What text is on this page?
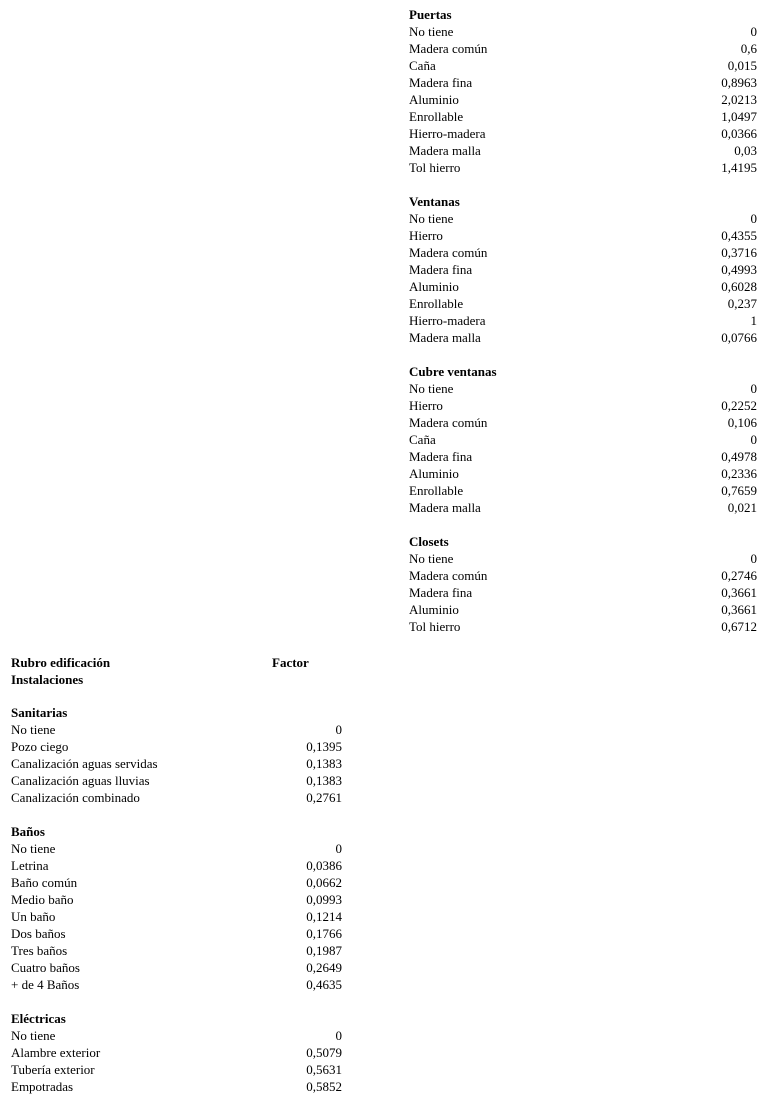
Puertas
No tiene	0
Madera común	0,6
Caña	0,015
Madera fina	0,8963
Aluminio	2,0213
Enrollable	1,0497
Hierro-madera	0,0366
Madera malla	0,03
Tol hierro	1,4195
Ventanas
No tiene	0
Hierro	0,4355
Madera común	0,3716
Madera fina	0,4993
Aluminio	0,6028
Enrollable	0,237
Hierro-madera	1
Madera malla	0,0766
Cubre ventanas
No tiene	0
Hierro	0,2252
Madera común	0,106
Caña	0
Madera fina	0,4978
Aluminio	0,2336
Enrollable	0,7659
Madera malla	0,021
Closets
No tiene	0
Madera común	0,2746
Madera fina	0,3661
Aluminio	0,3661
Tol hierro	0,6712
Rubro edificación	Factor
Instalaciones
Sanitarias
No tiene	0
Pozo ciego	0,1395
Canalización aguas servidas	0,1383
Canalización aguas lluvias	0,1383
Canalización combinado	0,2761
Baños
No tiene	0
Letrina	0,0386
Baño común	0,0662
Medio baño	0,0993
Un baño	0,1214
Dos baños	0,1766
Tres baños	0,1987
Cuatro baños	0,2649
+ de 4 Baños	0,4635
Eléctricas
No tiene	0
Alambre exterior	0,5079
Tubería exterior	0,5631
Empotradas	0,5852
